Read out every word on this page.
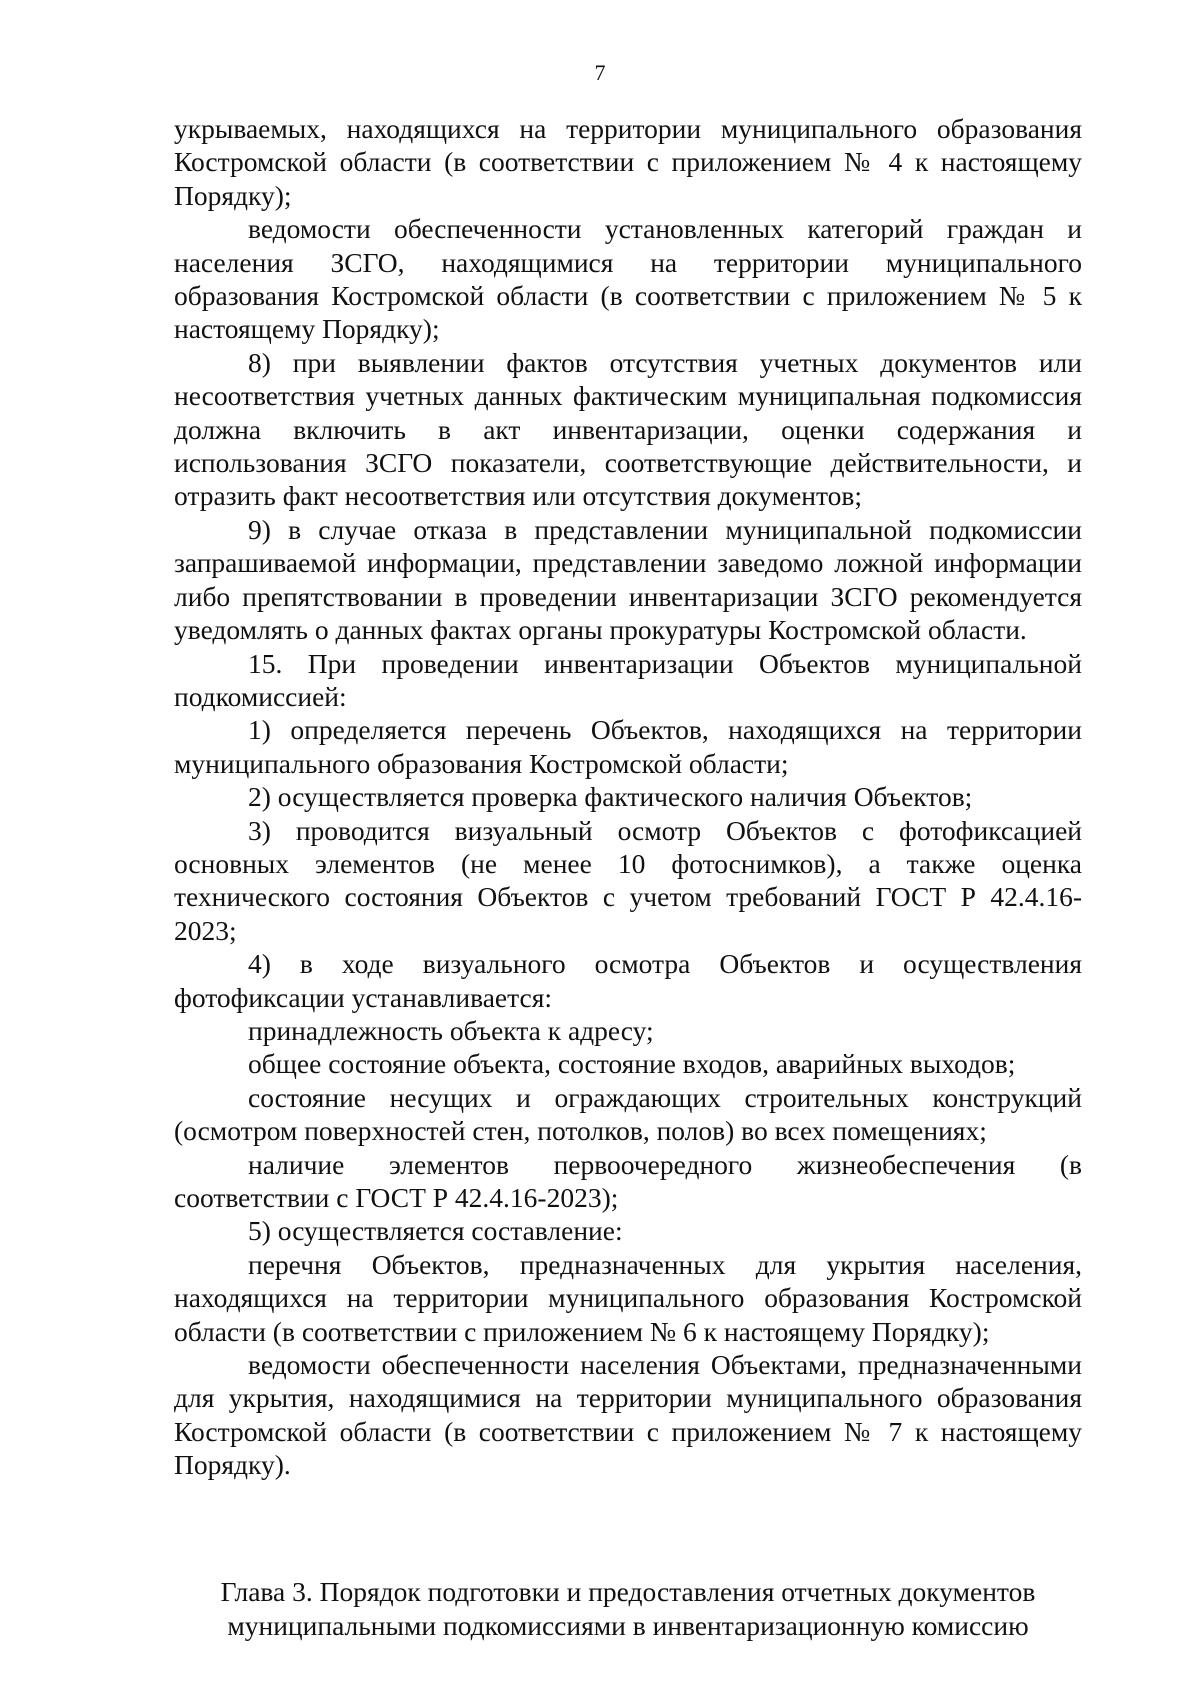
7

укрываемых, находящихся на территории муниципального образования Костромской области (в соответствии с приложением № 4 к настоящему Порядку);

ведомости обеспеченности установленных категорий граждан и населения ЗСГО, находящимися на территории муниципального образования Костромской области (в соответствии с приложением № 5 к настоящему Порядку);

8) при выявлении фактов отсутствия учетных документов или несоответствия учетных данных фактическим муниципальная подкомиссия должна включить в акт инвентаризации, оценки содержания и использования ЗСГО показатели, соответствующие действительности, и отразить факт несоответствия или отсутствия документов;

9) в случае отказа в представлении муниципальной подкомиссии запрашиваемой информации, представлении заведомо ложной информации либо препятствовании в проведении инвентаризации ЗСГО рекомендуется уведомлять о данных фактах органы прокуратуры Костромской области.

15. При проведении инвентаризации Объектов муниципальной подкомиссией:

1) определяется перечень Объектов, находящихся на территории муниципального образования Костромской области;

2) осуществляется проверка фактического наличия Объектов;

3) проводится визуальный осмотр Объектов с фотофиксацией основных элементов (не менее 10 фотоснимков), а также оценка технического состояния Объектов с учетом требований ГОСТ Р 42.4.16-2023;

4) в ходе визуального осмотра Объектов и осуществления фотофиксации устанавливается:

принадлежность объекта к адресу;

общее состояние объекта, состояние входов, аварийных выходов;

состояние несущих и ограждающих строительных конструкций (осмотром поверхностей стен, потолков, полов) во всех помещениях;

наличие элементов первоочередного жизнеобеспечения (в соответствии с ГОСТ Р 42.4.16-2023);

5) осуществляется составление:

перечня Объектов, предназначенных для укрытия населения, находящихся на территории муниципального образования Костромской области (в соответствии с приложением № 6 к настоящему Порядку);

ведомости обеспеченности населения Объектами, предназначенными для укрытия, находящимися на территории муниципального образования Костромской области (в соответствии с приложением № 7 к настоящему Порядку).

Глава 3. Порядок подготовки и предоставления отчетных документов
муниципальными подкомиссиями в инвентаризационную комиссию
